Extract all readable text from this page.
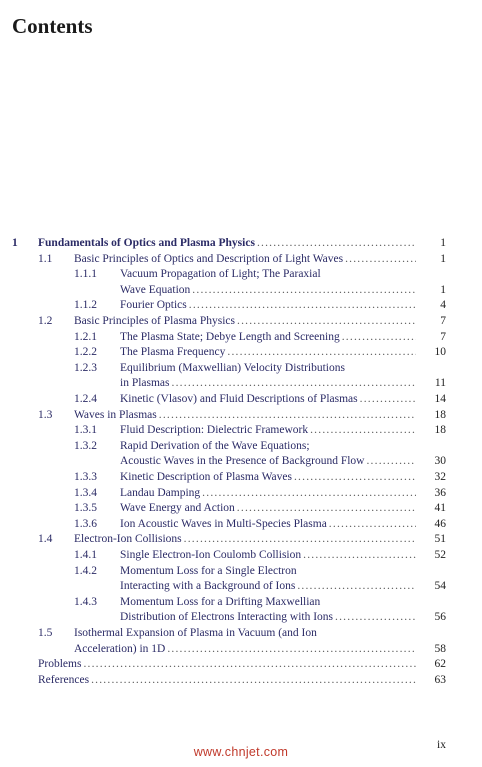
Contents
1 Fundamentals of Optics and Plasma Physics .....	1
1.1 Basic Principles of Optics and Description of Light Waves .....	1
1.1.1 Vacuum Propagation of Light; The Paraxial
Wave Equation .....	1
1.1.2 Fourier Optics .....	4
1.2 Basic Principles of Plasma Physics .....	7
1.2.1 The Plasma State; Debye Length and Screening .....	7
1.2.2 The Plasma Frequency .....	10
1.2.3 Equilibrium (Maxwellian) Velocity Distributions
in Plasmas .....	11
1.2.4 Kinetic (Vlasov) and Fluid Descriptions of Plasmas .....	14
1.3 Waves in Plasmas .....	18
1.3.1 Fluid Description: Dielectric Framework .....	18
1.3.2 Rapid Derivation of the Wave Equations;
Acoustic Waves in the Presence of Background Flow .....	30
1.3.3 Kinetic Description of Plasma Waves .....	32
1.3.4 Landau Damping .....	36
1.3.5 Wave Energy and Action .....	41
1.3.6 Ion Acoustic Waves in Multi-Species Plasma .....	46
1.4 Electron-Ion Collisions .....	51
1.4.1 Single Electron-Ion Coulomb Collision .....	52
1.4.2 Momentum Loss for a Single Electron
Interacting with a Background of Ions .....	54
1.4.3 Momentum Loss for a Drifting Maxwellian
Distribution of Electrons Interacting with Ions .....	56
1.5 Isothermal Expansion of Plasma in Vacuum (and Ion
Acceleration) in 1D .....	58
Problems .....	62
References .....	63
ix
www.chnjet.com
